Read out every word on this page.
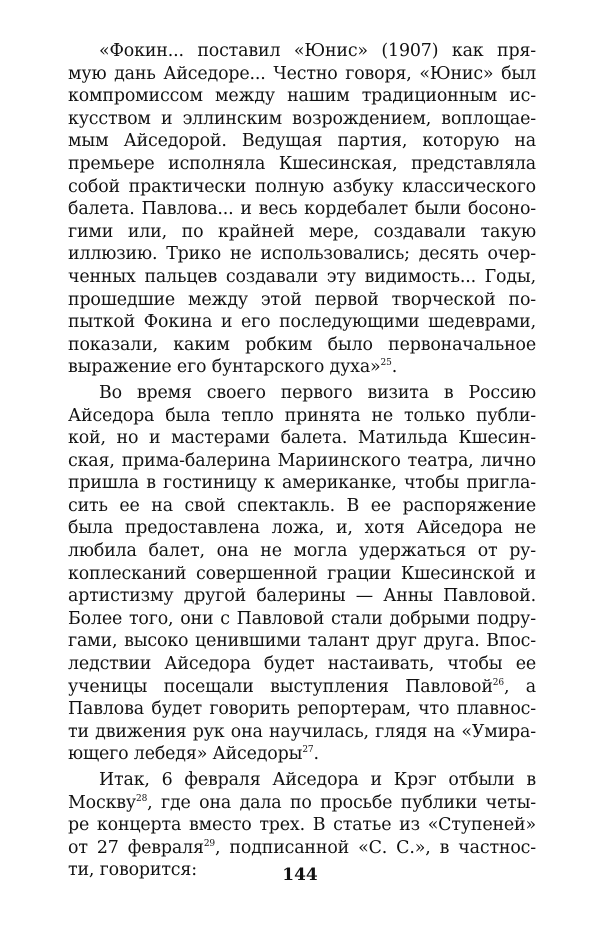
«Фокин... поставил «Юнис» (1907) как пря-
мую дань Айседоре... Честно говоря, «Юнис» был
компромиссом между нашим традиционным ис-
кусством и эллинским возрождением, воплощае-
мым Айседорой. Ведущая партия, которую на
премьере исполняла Кшесинская, представляла
собой практически полную азбуку классического
балета. Павлова... и весь кордебалет были босоно-
гими или, по крайней мере, создавали такую
иллюзию. Трико не использовались; десять очер-
ченных пальцев создавали эту видимость... Годы,
прошедшие между этой первой творческой по-
пыткой Фокина и его последующими шедеврами,
показали, каким робким было первоначальное
выражение его бунтарского духа»$^{25}$.

Во время своего первого визита в Россию
Айседора была тепло принята не только публи-
кой, но и мастерами балета. Матильда Кшесин-
ская, прима-балерина Мариинского театра, лично
пришла в гостиницу к американке, чтобы пригла-
сить ее на свой спектакль. В ее распоряжение
была предоставлена ложа, и, хотя Айседора не
любила балет, она не могла удержаться от ру-
коплесканий совершенной грации Кшесинской и
артистизму другой балерины — Анны Павловой.
Более того, они с Павловой стали добрыми подру-
гами, высоко ценившими талант друг друга. Впос-
ледствии Айседора будет настаивать, чтобы ее
ученицы посещали выступления Павловой$^{26}$, а
Павлова будет говорить репортерам, что плавнос-
ти движения рук она научилась, глядя на «Умира-
ющего лебедя» Айседоры$^{27}$.

Итак, 6 февраля Айседора и Крэг отбыли в
Москву$^{28}$, где она дала по просьбе публики четы-
ре концерта вместо трех. В статье из «Ступеней»
от 27 февраля$^{29}$, подписанной «С. С.», в частнос-
ти, говорится:	144
